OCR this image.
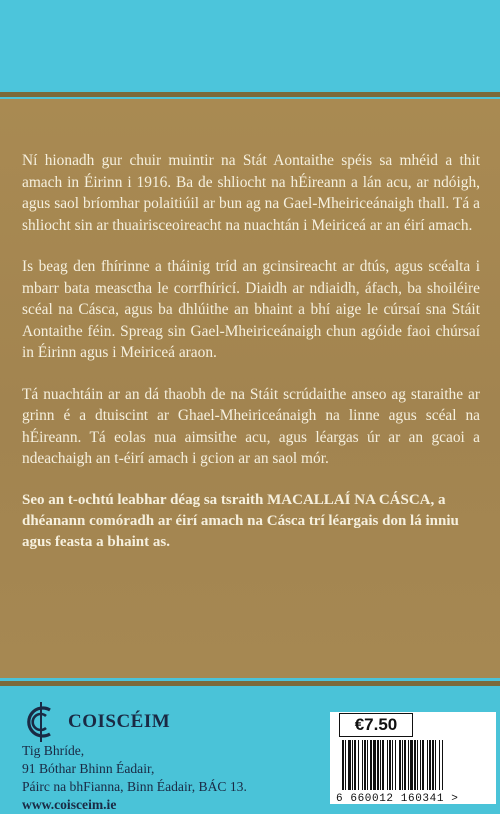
Ní hionadh gur chuir muintir na Stát Aontaithe spéis sa mhéid a thit amach in Éirinn i 1916. Ba de shliocht na hÉireann a lán acu, ar ndóigh, agus saol bríomhar polaitiúil ar bun ag na Gael-Mheiriceánaigh thall. Tá a shliocht sin ar thuairisceoireacht na nuachtán i Meiriceá ar an éirí amach.

Is beag den fhírinne a tháinig tríd an gcinsireacht ar dtús, agus scéalta i mbarr bata measctha le corrfhíricí. Diaidh ar ndiaidh, áfach, ba shoiléire scéal na Cásca, agus ba dhlúithe an bhaint a bhí aige le cúrsaí sna Stáit Aontaithe féin. Spreag sin Gael-Mheiriceánaigh chun agóide faoi chúrsaí in Éirinn agus i Meiriceá araon.

Tá nuachtáin ar an dá thaobh de na Stáit scrúdaithe anseo ag staraithe ar grinn é a dtuiscint ar Ghael-Mheiriceánaigh na linne agus scéal na hÉireann. Tá eolas nua aimsithe acu, agus léargas úr ar an gcaoi a ndeachaigh an t-éirí amach i gcion ar an saol mór.

Seo an t-ochtú leabhar déag sa tsraith MACALLAÍ NA CÁSCA, a dhéanann comóradh ar éirí amach na Cásca trí léargais don lá inniu agus feasta a bhaint as.

COISCÉIM
Tig Bhríde,
91 Bóthar Bhinn Éadair,
Páirc na bhFianna, Binn Éadair, BÁC 13.
www.coisceim.ie
€7.50
6 660012 160341 >
